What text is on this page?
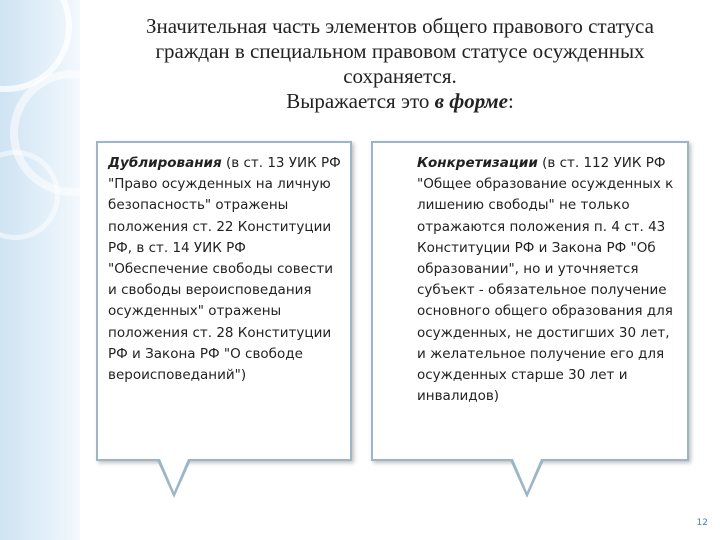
Значительная часть элементов общего правового статуса
граждан в специальном правовом статусе осужденных
сохраняется.
Выражается это в форме:
Дублирования (в ст. 13 УИК РФ "Право осужденных на личную безопасность" отражены положения ст. 22 Конституции РФ, в ст. 14 УИК РФ "Обеспечение свободы совести и свободы вероисповедания осужденных" отражены положения ст. 28 Конституции РФ и Закона РФ "О свободе вероисповеданий")
Конкретизации (в ст. 112 УИК РФ "Общее образование осужденных к лишению свободы" не только отражаются положения п. 4 ст. 43 Конституции РФ и Закона РФ "Об образовании", но и уточняется субъект - обязательное получение основного общего образования для осужденных, не достигших 30 лет, и желательное получение его для осужденных старше 30 лет и инвалидов)
12
